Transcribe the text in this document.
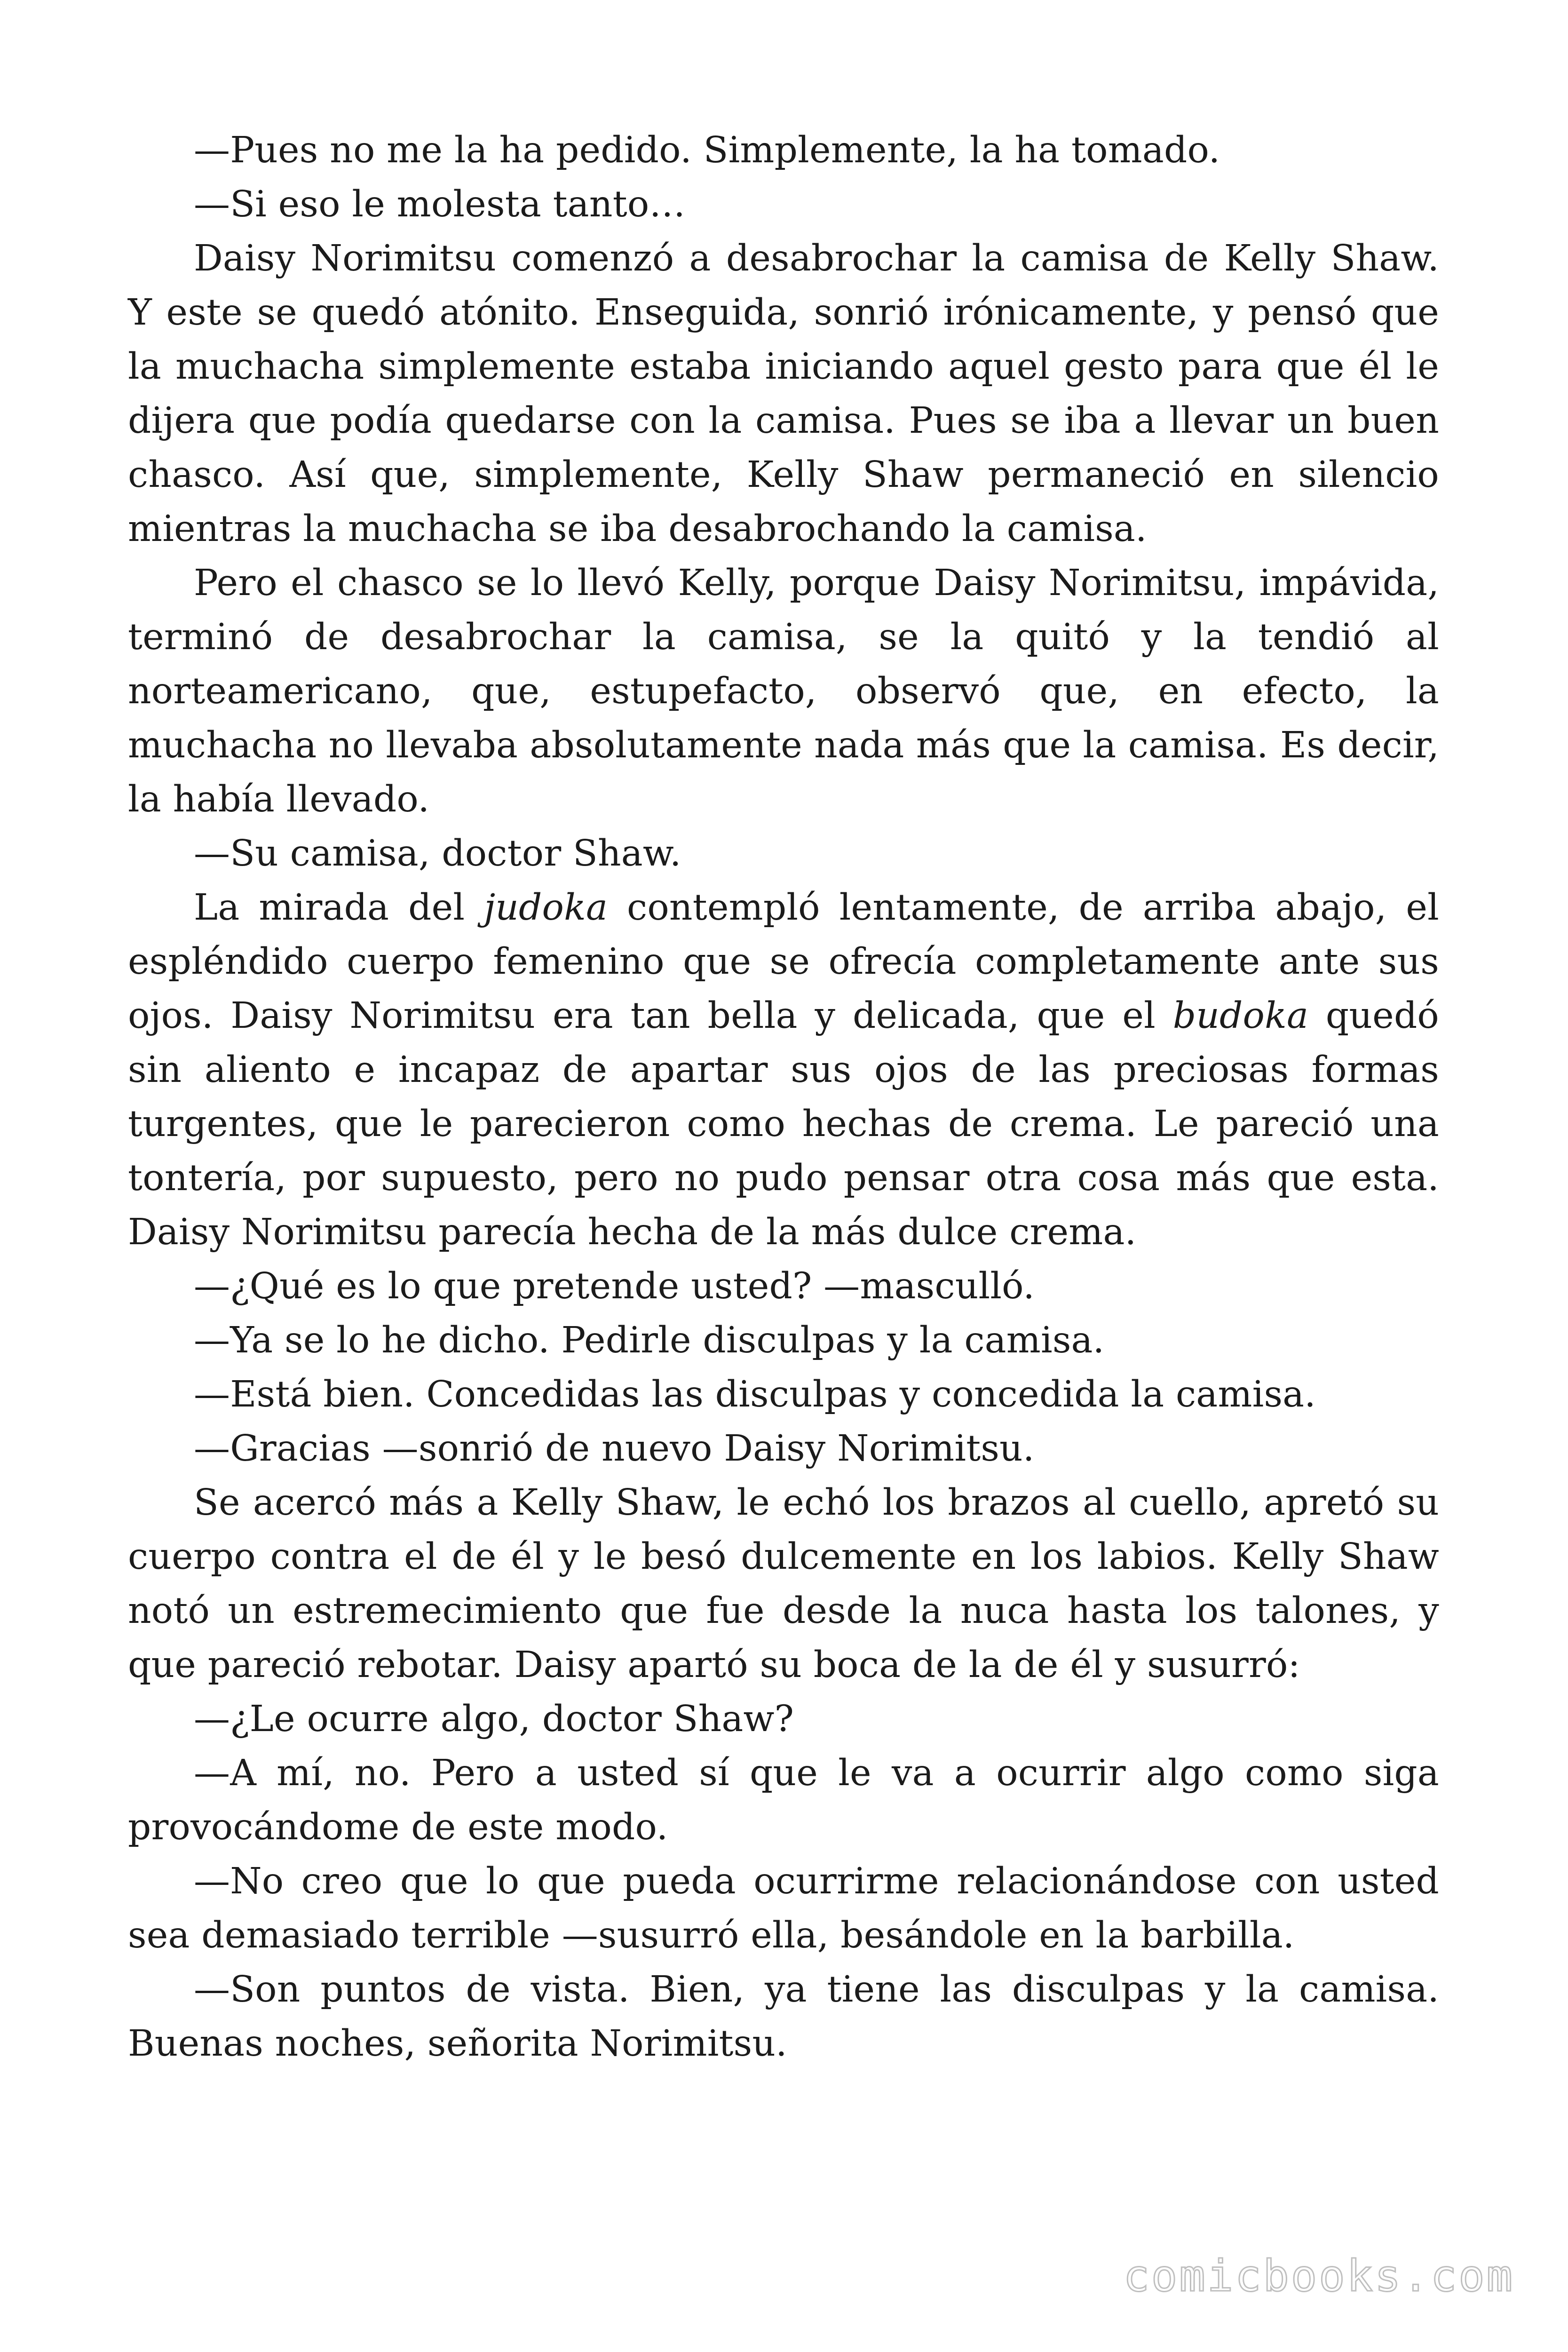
—Pues no me la ha pedido. Simplemente, la ha tomado.

—Si eso le molesta tanto…

Daisy Norimitsu comenzó a desabrochar la camisa de Kelly Shaw. Y este se quedó atónito. Enseguida, sonrió irónicamente, y pensó que la muchacha simplemente estaba iniciando aquel gesto para que él le dijera que podía quedarse con la camisa. Pues se iba a llevar un buen chasco. Así que, simplemente, Kelly Shaw permaneció en silencio mientras la muchacha se iba desabrochando la camisa.

Pero el chasco se lo llevó Kelly, porque Daisy Norimitsu, impávida, terminó de desabrochar la camisa, se la quitó y la tendió al norteamericano, que, estupefacto, observó que, en efecto, la muchacha no llevaba absolutamente nada más que la camisa. Es decir, la había llevado.

—Su camisa, doctor Shaw.

La mirada del judoka contempló lentamente, de arriba abajo, el espléndido cuerpo femenino que se ofrecía completamente ante sus ojos. Daisy Norimitsu era tan bella y delicada, que el budoka quedó sin aliento e incapaz de apartar sus ojos de las preciosas formas turgentes, que le parecieron como hechas de crema. Le pareció una tontería, por supuesto, pero no pudo pensar otra cosa más que esta. Daisy Norimitsu parecía hecha de la más dulce crema.

—¿Qué es lo que pretende usted? —masculló.

—Ya se lo he dicho. Pedirle disculpas y la camisa.

—Está bien. Concedidas las disculpas y concedida la camisa.

—Gracias —sonrió de nuevo Daisy Norimitsu.

Se acercó más a Kelly Shaw, le echó los brazos al cuello, apretó su cuerpo contra el de él y le besó dulcemente en los labios. Kelly Shaw notó un estremecimiento que fue desde la nuca hasta los talones, y que pareció rebotar. Daisy apartó su boca de la de él y susurró:

—¿Le ocurre algo, doctor Shaw?

—A mí, no. Pero a usted sí que le va a ocurrir algo como siga provocándome de este modo.

—No creo que lo que pueda ocurrirme relacionándose con usted sea demasiado terrible —susurró ella, besándole en la barbilla.

—Son puntos de vista. Bien, ya tiene las disculpas y la camisa. Buenas noches, señorita Norimitsu.

comicbooks.com
